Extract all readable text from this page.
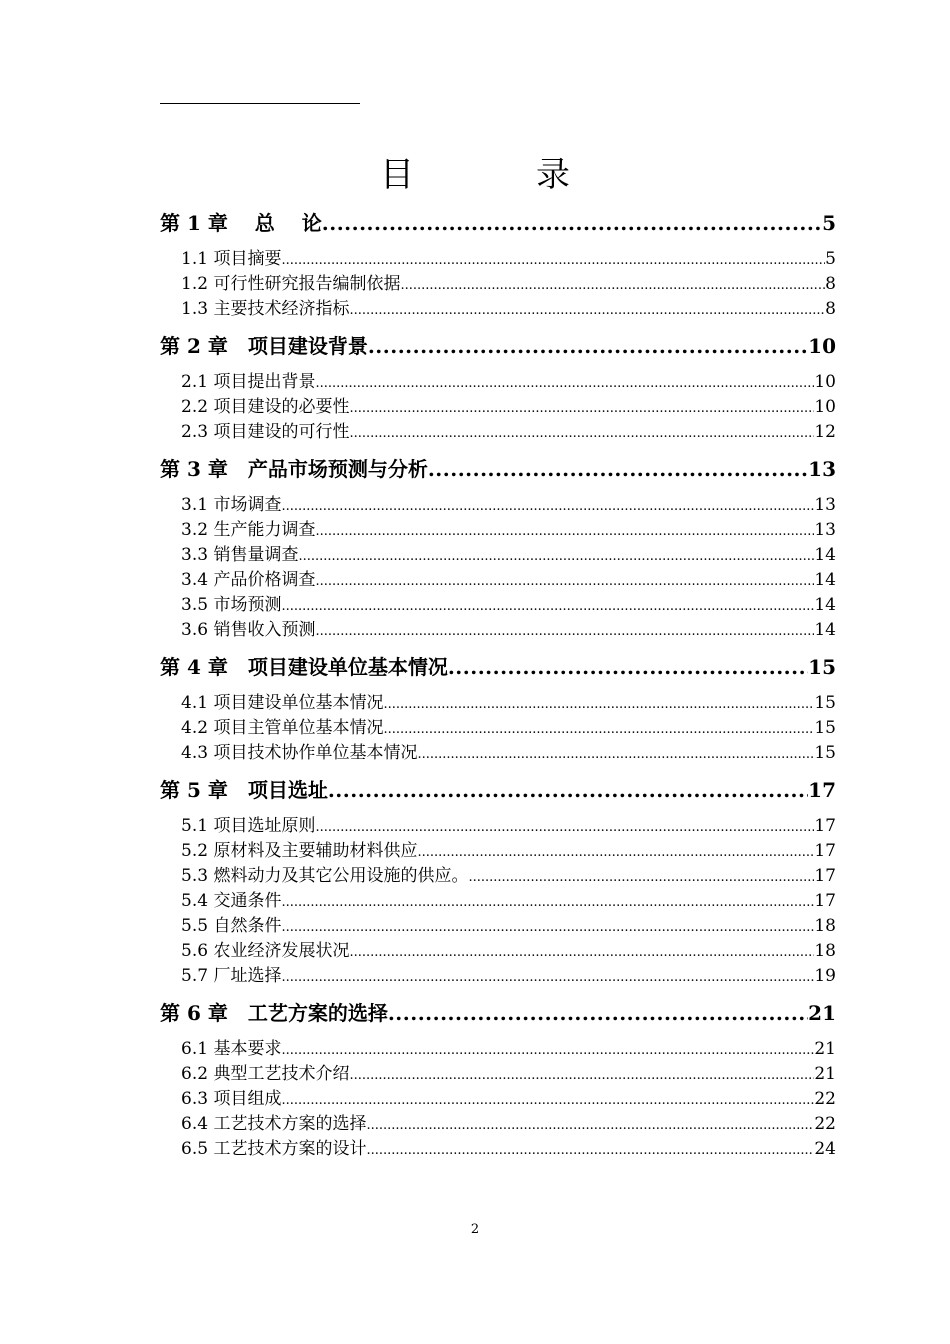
目　录
第 1 章　 总　 论 .....	5
1.1 项目摘要 .....	5
1.2 可行性研究报告编制依据 .....	8
1.3 主要技术经济指标 .....	8
第 2 章　项目建设背景 .....	10
2.1 项目提出背景 .....	10
2.2 项目建设的必要性 .....	10
2.3 项目建设的可行性 .....	12
第 3 章　产品市场预测与分析 .....	13
3.1 市场调查 .....	13
3.2 生产能力调查 .....	13
3.3 销售量调查 .....	14
3.4 产品价格调查 .....	14
3.5 市场预测 .....	14
3.6 销售收入预测 .....	14
第 4 章　项目建设单位基本情况 .....	15
4.1 项目建设单位基本情况 .....	15
4.2 项目主管单位基本情况 .....	15
4.3 项目技术协作单位基本情况 .....	15
第 5 章　项目选址 .....	17
5.1 项目选址原则 .....	17
5.2 原材料及主要辅助材料供应 .....	17
5.3 燃料动力及其它公用设施的供应。 .....	17
5.4 交通条件 .....	17
5.5 自然条件 .....	18
5.6 农业经济发展状况 .....	18
5.7 厂址选择 .....	19
第 6 章　工艺方案的选择 .....	21
6.1 基本要求 .....	21
6.2 典型工艺技术介绍 .....	21
6.3 项目组成 .....	22
6.4 工艺技术方案的选择 .....	22
6.5 工艺技术方案的设计 .....	24
2
